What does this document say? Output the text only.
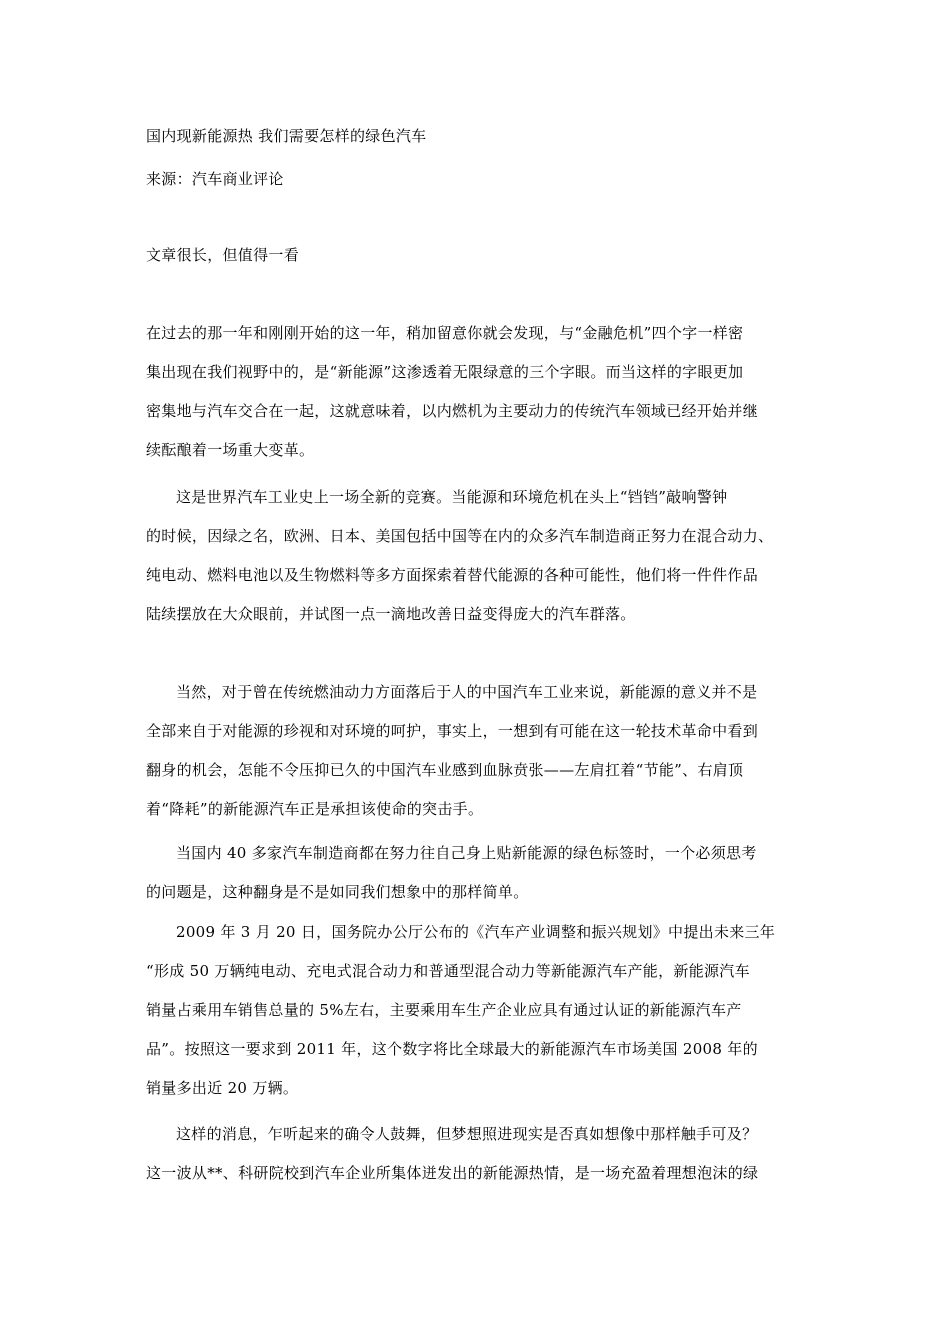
国内现新能源热 我们需要怎样的绿色汽车
来源：汽车商业评论
文章很长，但值得一看
在过去的那一年和刚刚开始的这一年，稍加留意你就会发现，与“金融危机”四个字一样密
集出现在我们视野中的，是“新能源”这渗透着无限绿意的三个字眼。而当这样的字眼更加
密集地与汽车交合在一起，这就意味着，以内燃机为主要动力的传统汽车领域已经开始并继
续酝酿着一场重大变革。
这是世界汽车工业史上一场全新的竞赛。当能源和环境危机在头上“铛铛”敲响警钟
的时候，因绿之名，欧洲、日本、美国包括中国等在内的众多汽车制造商正努力在混合动力、
纯电动、燃料电池以及生物燃料等多方面探索着替代能源的各种可能性，他们将一件件作品
陆续摆放在大众眼前，并试图一点一滴地改善日益变得庞大的汽车群落。
当然，对于曾在传统燃油动力方面落后于人的中国汽车工业来说，新能源的意义并不是
全部来自于对能源的珍视和对环境的呵护，事实上，一想到有可能在这一轮技术革命中看到
翻身的机会，怎能不令压抑已久的中国汽车业感到血脉贲张——左肩扛着“节能”、右肩顶
着“降耗”的新能源汽车正是承担该使命的突击手。
当国内 40 多家汽车制造商都在努力往自己身上贴新能源的绿色标签时，一个必须思考
的问题是，这种翻身是不是如同我们想象中的那样简单。
2009 年 3 月 20 日，国务院办公厅公布的《汽车产业调整和振兴规划》中提出未来三年
“形成 50 万辆纯电动、充电式混合动力和普通型混合动力等新能源汽车产能，新能源汽车
销量占乘用车销售总量的 5%左右，主要乘用车生产企业应具有通过认证的新能源汽车产
品”。按照这一要求到 2011 年，这个数字将比全球最大的新能源汽车市场美国 2008 年的
销量多出近 20 万辆。
这样的消息，乍听起来的确令人鼓舞，但梦想照进现实是否真如想像中那样触手可及？
这一波从**、科研院校到汽车企业所集体迸发出的新能源热情，是一场充盈着理想泡沫的绿
